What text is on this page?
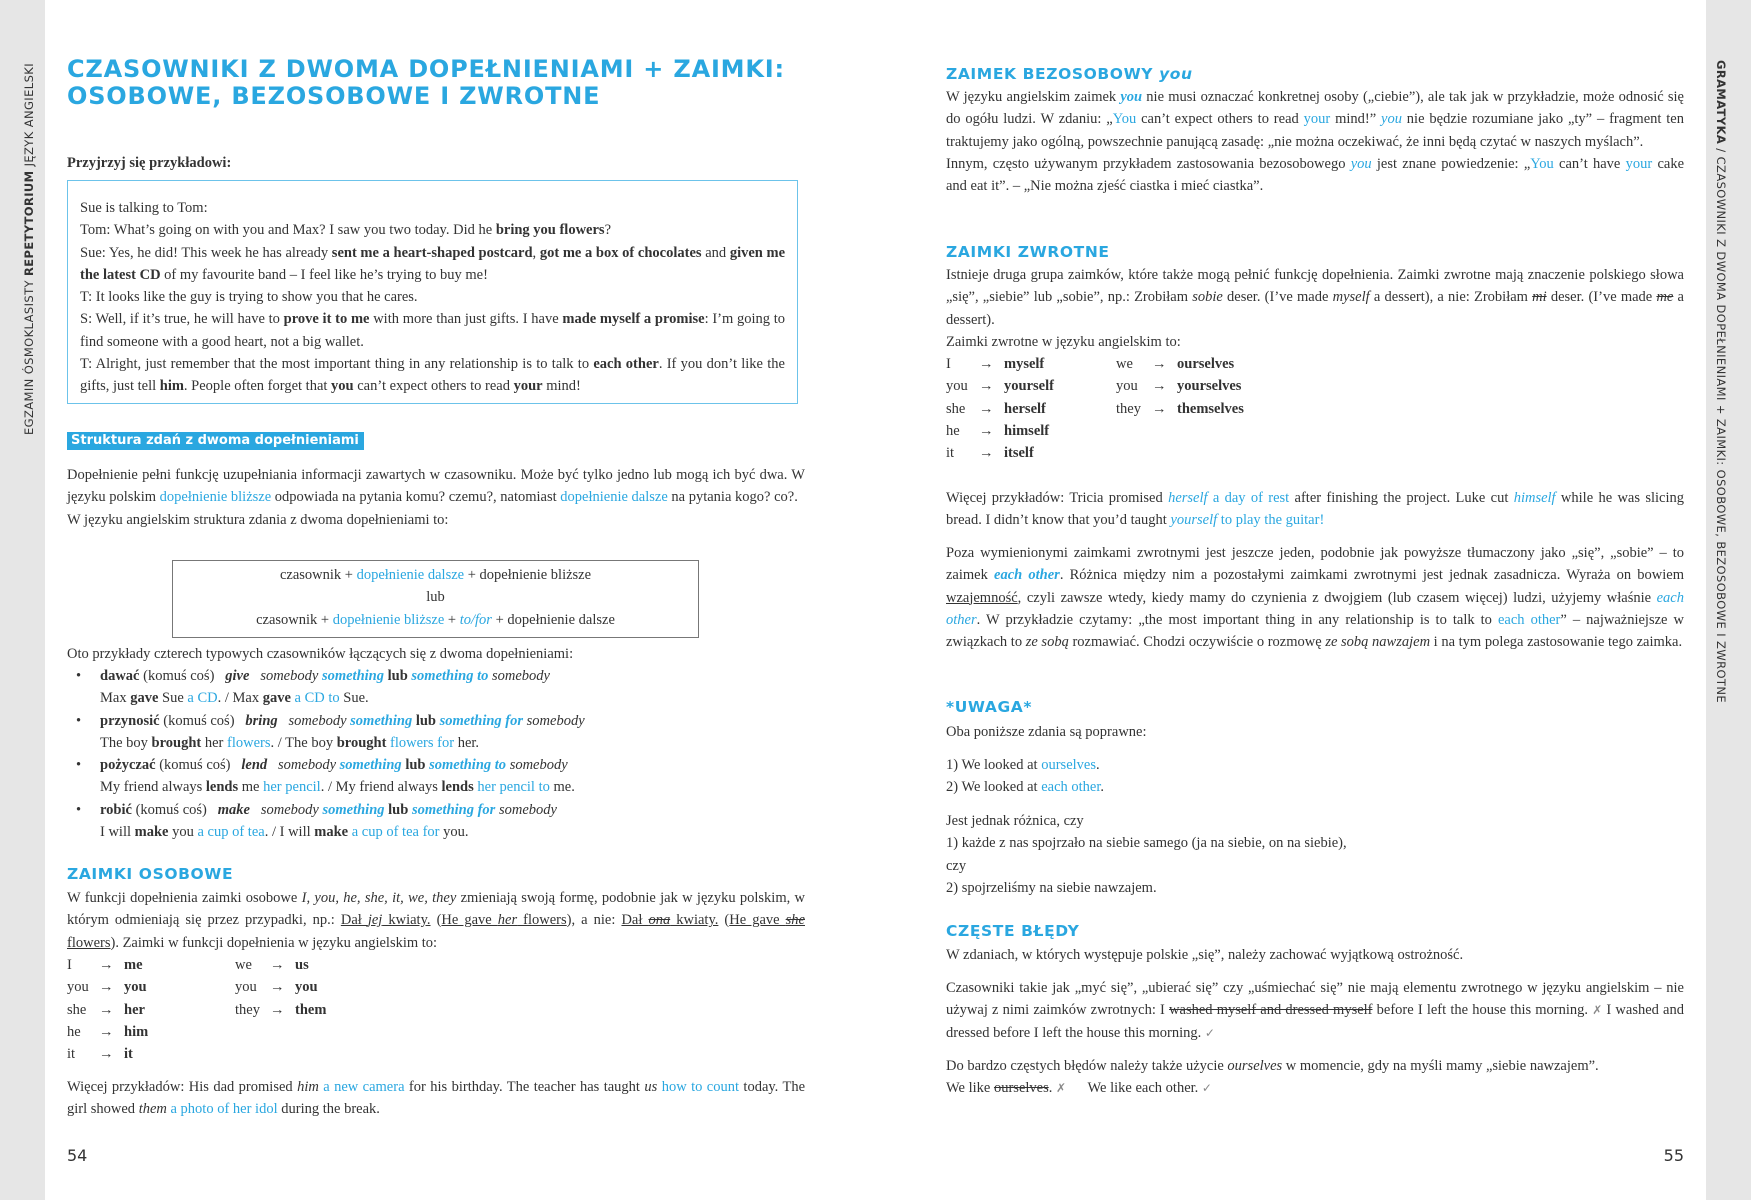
EGZAMIN ÓSMOKLASISTY REPETYTORIUM JĘZYK ANGIELSKI	GRAMATYKA / CZASOWNIKI Z DWOMA DOPEŁNIENIAMI + ZAIMKI: OSOBOWE, BEZOSOBOWE I ZWROTNE
CZASOWNIKI Z DWOMA DOPEŁNIENIAMI + ZAIMKI:
OSOBOWE, BEZOSOBOWE I ZWROTNE
Przyjrzyj się przykładowi:

Sue is talking to Tom:
Tom: What’s going on with you and Max? I saw you two today. Did he bring you flowers?
Sue: Yes, he did! This week he has already sent me a heart-shaped postcard, got me a box of chocolates and given me the latest CD of my favourite band – I feel like he’s trying to buy me!
T: It looks like the guy is trying to show you that he cares.
S: Well, if it’s true, he will have to prove it to me with more than just gifts. I have made myself a promise: I’m going to find someone with a good heart, not a big wallet.
T: Alright, just remember that the most important thing in any relationship is to talk to each other. If you don’t like the gifts, just tell him. People often forget that you can’t expect others to read your mind!

Struktura zdań z dwoma dopełnieniami

Dopełnienie pełni funkcję uzupełniania informacji zawartych w czasowniku. Może być tylko jedno lub mogą ich być dwa. W języku polskim dopełnienie bliższe odpowiada na pytania komu? czemu?, natomiast dopełnienie dalsze na pytania kogo? co?.
W języku angielskim struktura zdania z dwoma dopełnieniami to:

czasownik + dopełnienie dalsze + dopełnienie bliższe
lub
czasownik + dopełnienie bliższe + to/for + dopełnienie dalsze
Oto przykłady czterech typowych czasowników łączących się z dwoma dopełnieniami:
• dawać (komuś coś)   give somebody something lub something to somebody
Max gave Sue a CD. / Max gave a CD to Sue.
• przynosić (komuś coś)   bring somebody something lub something for somebody
The boy brought her flowers. / The boy brought flowers for her.
• pożyczać (komuś coś)   lend somebody something lub something to somebody
My friend always lends me her pencil. / My friend always lends her pencil to me.
• robić (komuś coś)   make somebody something lub something for somebody
I will make you a cup of tea. / I will make a cup of tea for you.
ZAIMKI OSOBOWE

W funkcji dopełnienia zaimki osobowe I, you, he, she, it, we, they zmieniają swoją formę, podobnie jak w języku polskim, w którym odmieniają się przez przypadki, np.: Dał jej kwiaty. (He gave her flowers), a nie: Dał ona kwiaty. (He gave she flowers). Zaimki w funkcji dopełnienia w języku angielskim to:

I → me
you → you
she → her
he → him
it → it
we → us
you → you
they → them

Więcej przykładów: His dad promised him a new camera for his birthday. The teacher has taught us how to count today. The girl showed them a photo of her idol during the break.

54
ZAIMEK BEZOSOBOWY you

W języku angielskim zaimek you nie musi oznaczać konkretnej osoby („ciebie”), ale tak jak w przykładzie, może odnosić się do ogółu ludzi. W zdaniu: „You can’t expect others to read your mind!” you nie będzie rozumiane jako „ty” – fragment ten traktujemy jako ogólną, powszechnie panującą zasadę: „nie można oczekiwać, że inni będą czytać w naszych myślach”.
Innym, często używanym przykładem zastosowania bezosobowego you jest znane powiedzenie: „You can’t have your cake and eat it”. – „Nie można zjeść ciastka i mieć ciastka”.

ZAIMKI ZWROTNE

Istnieje druga grupa zaimków, które także mogą pełnić funkcję dopełnienia. Zaimki zwrotne mają znaczenie polskiego słowa „się”, „siebie” lub „sobie”, np.: Zrobiłam sobie deser. (I’ve made myself a dessert), a nie: Zrobiłam mi deser. (I’ve made me a dessert).
Zaimki zwrotne w języku angielskim to:

I → myself
you → yourself
she → herself
he → himself
it → itself
we → ourselves
you → yourselves
they → themselves

Więcej przykładów: Tricia promised herself a day of rest after finishing the project. Luke cut himself while he was slicing bread. I didn’t know that you’d taught yourself to play the guitar!

Poza wymienionymi zaimkami zwrotnymi jest jeszcze jeden, podobnie jak powyższe tłumaczony jako „się”, „sobie” – to zaimek each other. Różnica między nim a pozostałymi zaimkami zwrotnymi jest jednak zasadnicza. Wyraża on bowiem wzajemność, czyli zawsze wtedy, kiedy mamy do czynienia z dwojgiem (lub czasem więcej) ludzi, użyjemy właśnie each other. W przykładzie czytamy: „the most important thing in any relationship is to talk to each other” – najważniejsze w związkach to ze sobą rozmawiać. Chodzi oczywiście o rozmowę ze sobą nawzajem i na tym polega zastosowanie tego zaimka.

*UWAGA*
Oba poniższe zdania są poprawne:

1) We looked at ourselves.
2) We looked at each other.

Jest jednak różnica, czy
1) każde z nas spojrzało na siebie samego (ja na siebie, on na siebie),
czy
2) spojrzeliśmy na siebie nawzajem.

CZĘSTE BŁĘDY
W zdaniach, w których występuje polskie „się”, należy zachować wyjątkową ostrożność.

Czasowniki takie jak „myć się”, „ubierać się” czy „uśmiechać się” nie mają elementu zwrotnego w języku angielskim – nie używaj z nimi zaimków zwrotnych: I washed myself and dressed myself before I left the house this morning. ✗ I washed and dressed before I left the house this morning. ✓

Do bardzo częstych błędów należy także użycie ourselves w momencie, gdy na myśli mamy „siebie nawzajem”.
We like ourselves. ✗      We like each other. ✓

55
